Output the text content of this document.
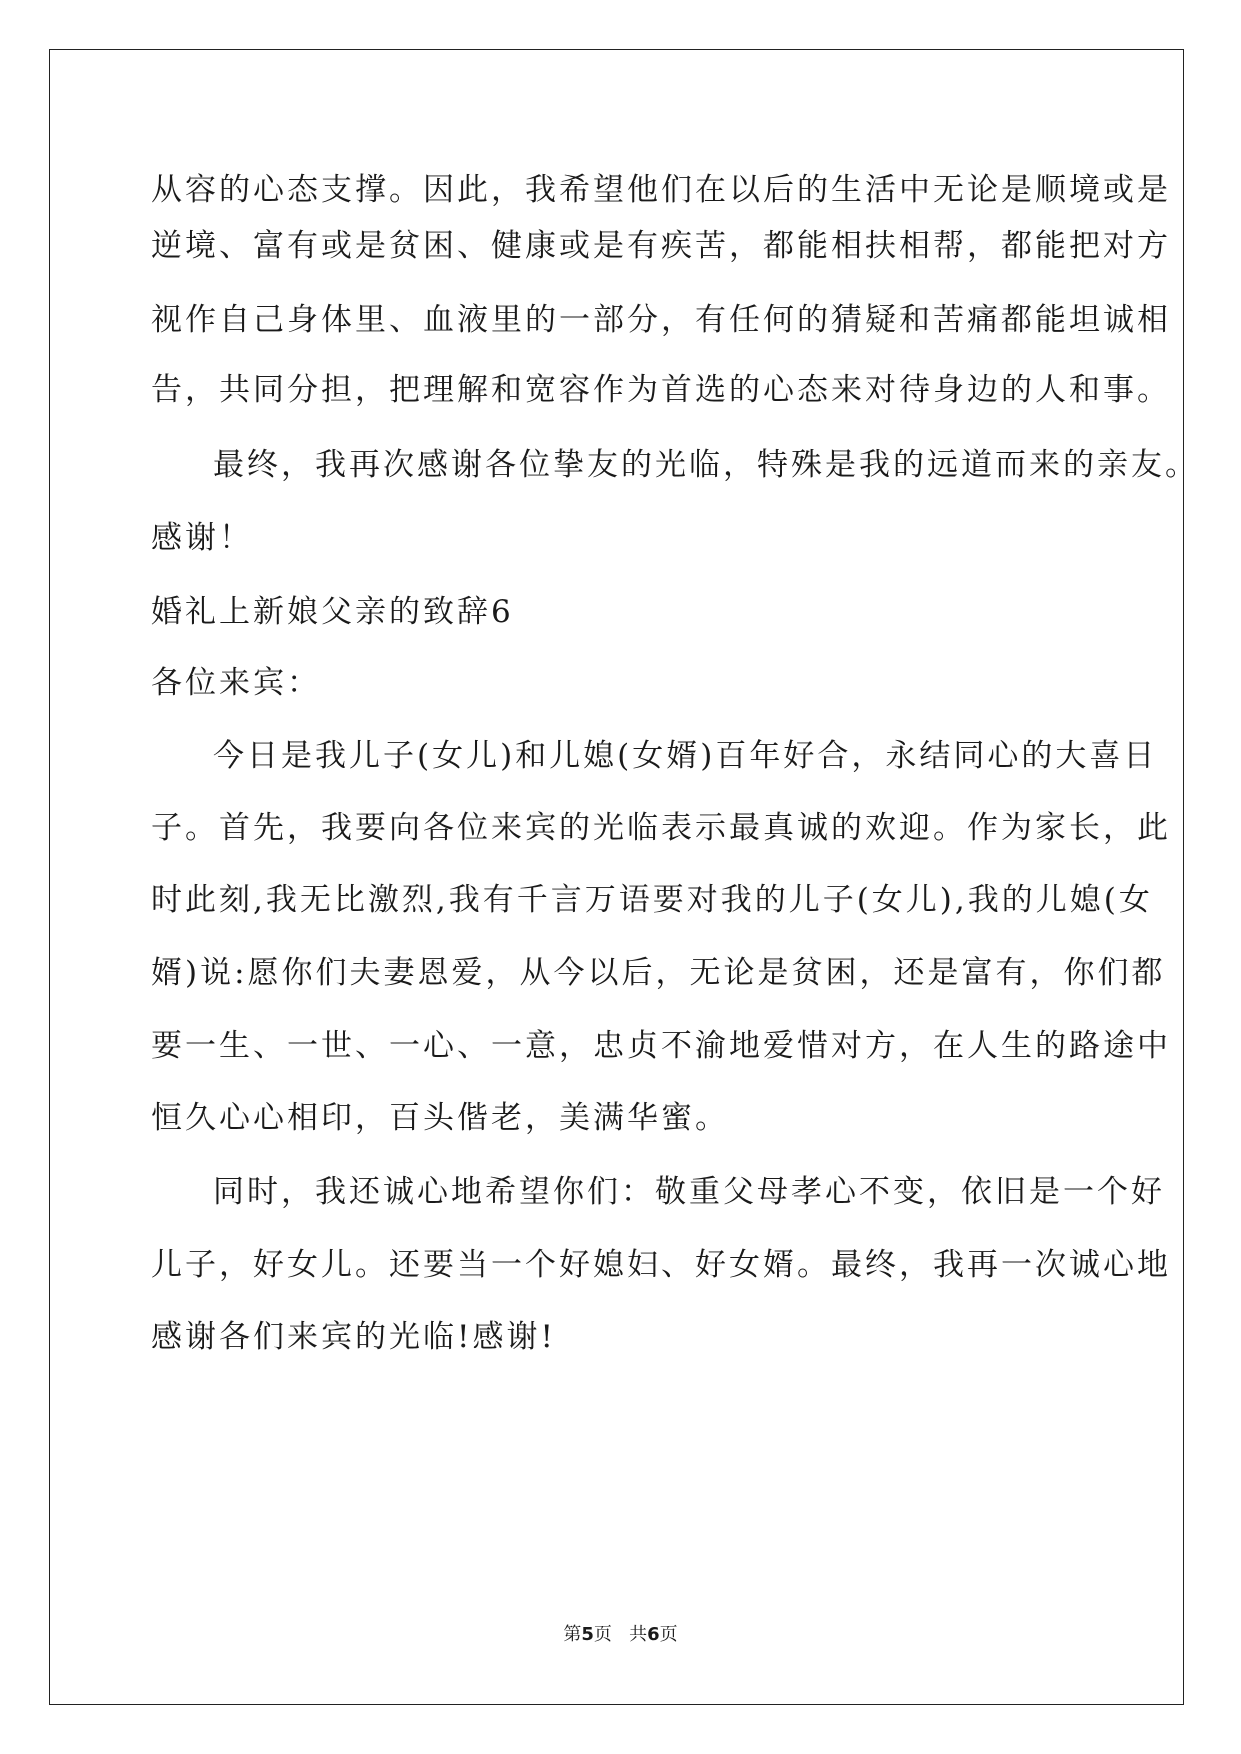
从容的心态支撑。因此，我希望他们在以后的生活中无论是顺境或是
逆境、富有或是贫困、健康或是有疾苦，都能相扶相帮，都能把对方
视作自己身体里、血液里的一部分，有任何的猜疑和苦痛都能坦诚相
告，共同分担，把理解和宽容作为首选的心态来对待身边的人和事。
最终，我再次感谢各位挚友的光临，特殊是我的远道而来的亲友。
感谢！
婚礼上新娘父亲的致辞6
各位来宾：
今日是我儿子(女儿)和儿媳(女婿)百年好合，永结同心的大喜日
子。首先，我要向各位来宾的光临表示最真诚的欢迎。作为家长，此
时此刻,我无比激烈,我有千言万语要对我的儿子(女儿),我的儿媳(女
婿)说:愿你们夫妻恩爱，从今以后，无论是贫困，还是富有，你们都
要一生、一世、一心、一意，忠贞不渝地爱惜对方，在人生的路途中
恒久心心相印，百头偕老，美满华蜜。
同时，我还诚心地希望你们：敬重父母孝心不变，依旧是一个好
儿子，好女儿。还要当一个好媳妇、好女婿。最终，我再一次诚心地
感谢各们来宾的光临!感谢!
第5页 共6页
